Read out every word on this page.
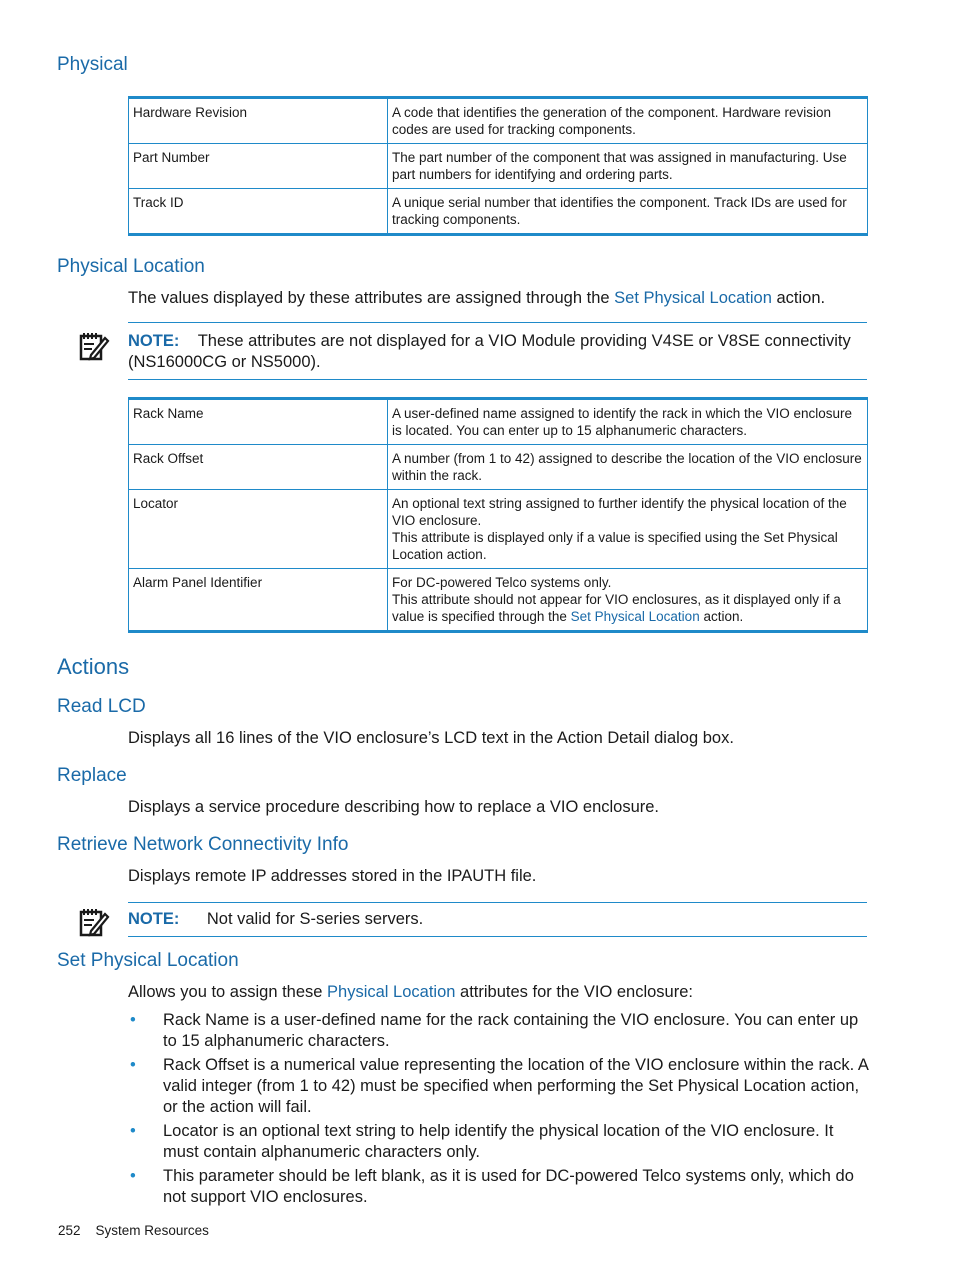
Physical
Hardware Revision	A code that identifies the generation of the component. Hardware revision codes are used for tracking components.
Part Number	The part number of the component that was assigned in manufacturing. Use part numbers for identifying and ordering parts.
Track ID	A unique serial number that identifies the component. Track IDs are used for tracking components.
Physical Location
The values displayed by these attributes are assigned through the Set Physical Location action.
NOTE: These attributes are not displayed for a VIO Module providing V4SE or V8SE connectivity (NS16000CG or NS5000).
Rack Name	A user-defined name assigned to identify the rack in which the VIO enclosure is located. You can enter up to 15 alphanumeric characters.
Rack Offset	A number (from 1 to 42) assigned to describe the location of the VIO enclosure within the rack.
Locator	An optional text string assigned to further identify the physical location of the VIO enclosure.
This attribute is displayed only if a value is specified using the Set Physical Location action.

Alarm Panel Identifier	For DC-powered Telco systems only.
This attribute should not appear for VIO enclosures, as it displayed only if a value is specified through the Set Physical Location action.
Actions
Read LCD
Displays all 16 lines of the VIO enclosure’s LCD text in the Action Detail dialog box.
Replace
Displays a service procedure describing how to replace a VIO enclosure.
Retrieve Network Connectivity Info
Displays remote IP addresses stored in the IPAUTH file.
NOTE: Not valid for S-series servers.
Set Physical Location
Allows you to assign these Physical Location attributes for the VIO enclosure:
• Rack Name is a user-defined name for the rack containing the VIO enclosure. You can enter up to 15 alphanumeric characters.
• Rack Offset is a numerical value representing the location of the VIO enclosure within the rack. A valid integer (from 1 to 42) must be specified when performing the Set Physical Location action, or the action will fail.
• Locator is an optional text string to help identify the physical location of the VIO enclosure. It must contain alphanumeric characters only.
• This parameter should be left blank, as it is used for DC-powered Telco systems only, which do not support VIO enclosures.
252 System Resources
